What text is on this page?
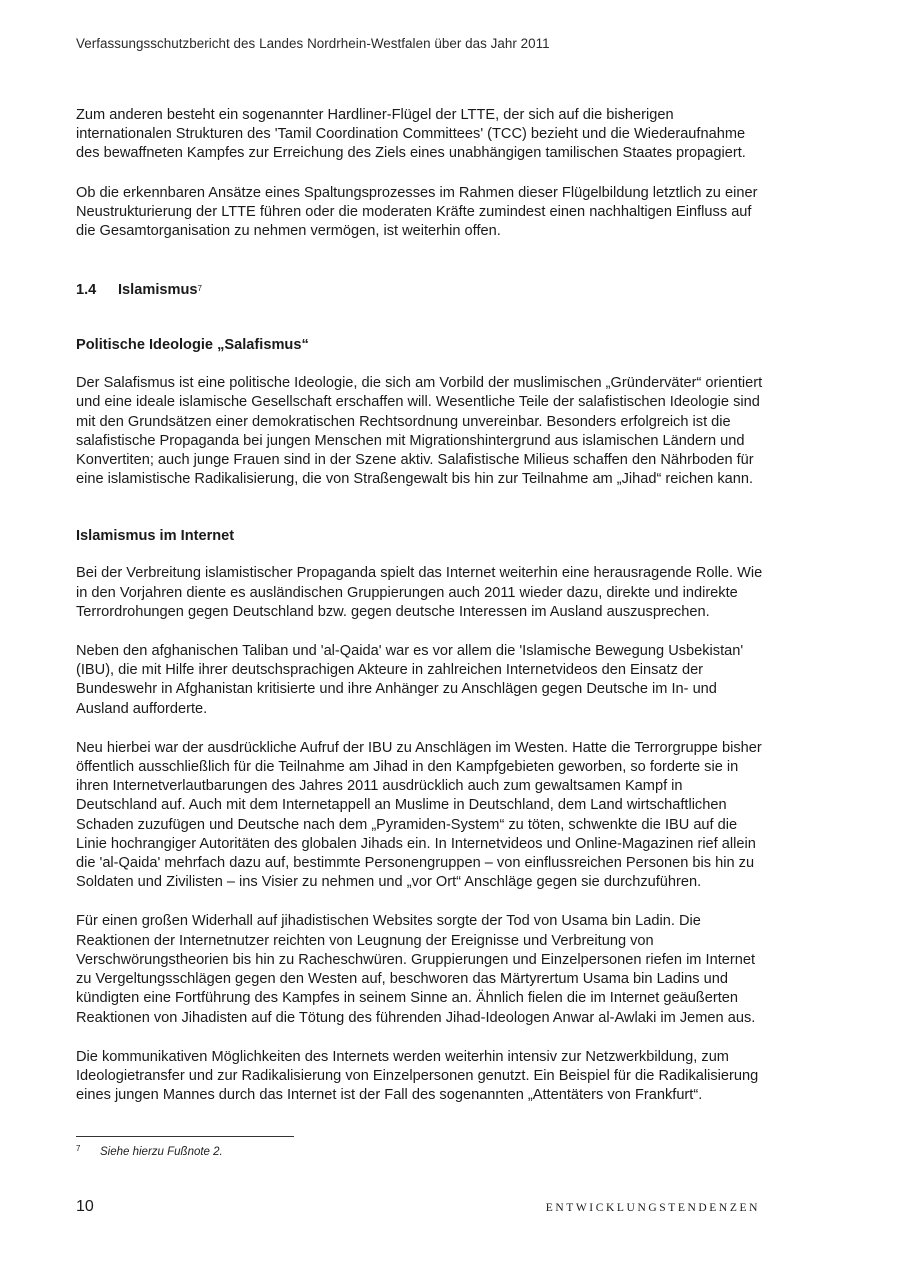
Verfassungsschutzbericht des Landes Nordrhein-Westfalen über das Jahr 2011

Zum anderen besteht ein sogenannter Hardliner-Flügel der LTTE, der sich auf die bisherigen internationalen Strukturen des 'Tamil Coordination Committees' (TCC) bezieht und die Wiederaufnahme des bewaffneten Kampfes zur Erreichung des Ziels eines unabhängigen tamilischen Staates propagiert.

Ob die erkennbaren Ansätze eines Spaltungsprozesses im Rahmen dieser Flügelbildung letztlich zu einer Neustrukturierung der LTTE führen oder die moderaten Kräfte zumindest einen nachhaltigen Einfluss auf die Gesamtorganisation zu nehmen vermögen, ist weiterhin offen.

1.4	Islamismus$^7$
Politische Ideologie „Salafismus“

Der Salafismus ist eine politische Ideologie, die sich am Vorbild der muslimischen „Gründerväter“ orientiert und eine ideale islamische Gesellschaft erschaffen will. Wesentliche Teile der salafistischen Ideologie sind mit den Grundsätzen einer demokratischen Rechtsordnung unvereinbar. Besonders erfolgreich ist die salafistische Propaganda bei jungen Menschen mit Migrationshintergrund aus islamischen Ländern und Konvertiten; auch junge Frauen sind in der Szene aktiv. Salafistische Milieus schaffen den Nährboden für eine islamistische Radikalisierung, die von Straßengewalt bis hin zur Teilnahme am „Jihad“ reichen kann.

Islamismus im Internet

Bei der Verbreitung islamistischer Propaganda spielt das Internet weiterhin eine herausragende Rolle. Wie in den Vorjahren diente es ausländischen Gruppierungen auch 2011 wieder dazu, direkte und indirekte Terrordrohungen gegen Deutschland bzw. gegen deutsche Interessen im Ausland auszusprechen.

Neben den afghanischen Taliban und 'al-Qaida' war es vor allem die 'Islamische Bewegung Usbekistan' (IBU), die mit Hilfe ihrer deutschsprachigen Akteure in zahlreichen Internetvideos den Einsatz der Bundeswehr in Afghanistan kritisierte und ihre Anhänger zu Anschlägen gegen Deutsche im In- und Ausland aufforderte.

Neu hierbei war der ausdrückliche Aufruf der IBU zu Anschlägen im Westen. Hatte die Terrorgruppe bisher öffentlich ausschließlich für die Teilnahme am Jihad in den Kampfgebieten geworben, so forderte sie in ihren Internetverlautbarungen des Jahres 2011 ausdrücklich auch zum gewaltsamen Kampf in Deutschland auf. Auch mit dem Internetappell an Muslime in Deutschland, dem Land wirtschaftlichen Schaden zuzufügen und Deutsche nach dem „Pyramiden-System“ zu töten, schwenkte die IBU auf die Linie hochrangiger Autoritäten des globalen Jihads ein. In Internetvideos und Online-Magazinen rief allein die 'al-Qaida' mehrfach dazu auf, bestimmte Personengruppen – von einflussreichen Personen bis hin zu Soldaten und Zivilisten – ins Visier zu nehmen und „vor Ort“ Anschläge gegen sie durchzuführen.

Für einen großen Widerhall auf jihadistischen Websites sorgte der Tod von Usama bin Ladin. Die Reaktionen der Internetnutzer reichten von Leugnung der Ereignisse und Verbreitung von Verschwörungstheorien bis hin zu Racheschwüren. Gruppierungen und Einzelpersonen riefen im Internet zu Vergeltungsschlägen gegen den Westen auf, beschworen das Märtyrertum Usama bin Ladins und kündigten eine Fortführung des Kampfes in seinem Sinne an. Ähnlich fielen die im Internet geäußerten Reaktionen von Jihadisten auf die Tötung des führenden Jihad-Ideologen Anwar al-Awlaki im Jemen aus.

Die kommunikativen Möglichkeiten des Internets werden weiterhin intensiv zur Netzwerkbildung, zum Ideologietransfer und zur Radikalisierung von Einzelpersonen genutzt. Ein Beispiel für die Radikalisierung eines jungen Mannes durch das Internet ist der Fall des sogenannten „Attentäters von Frankfurt“.

7	Siehe hierzu Fußnote 2.
10	ENTWICKLUNGSTENDENZEN
